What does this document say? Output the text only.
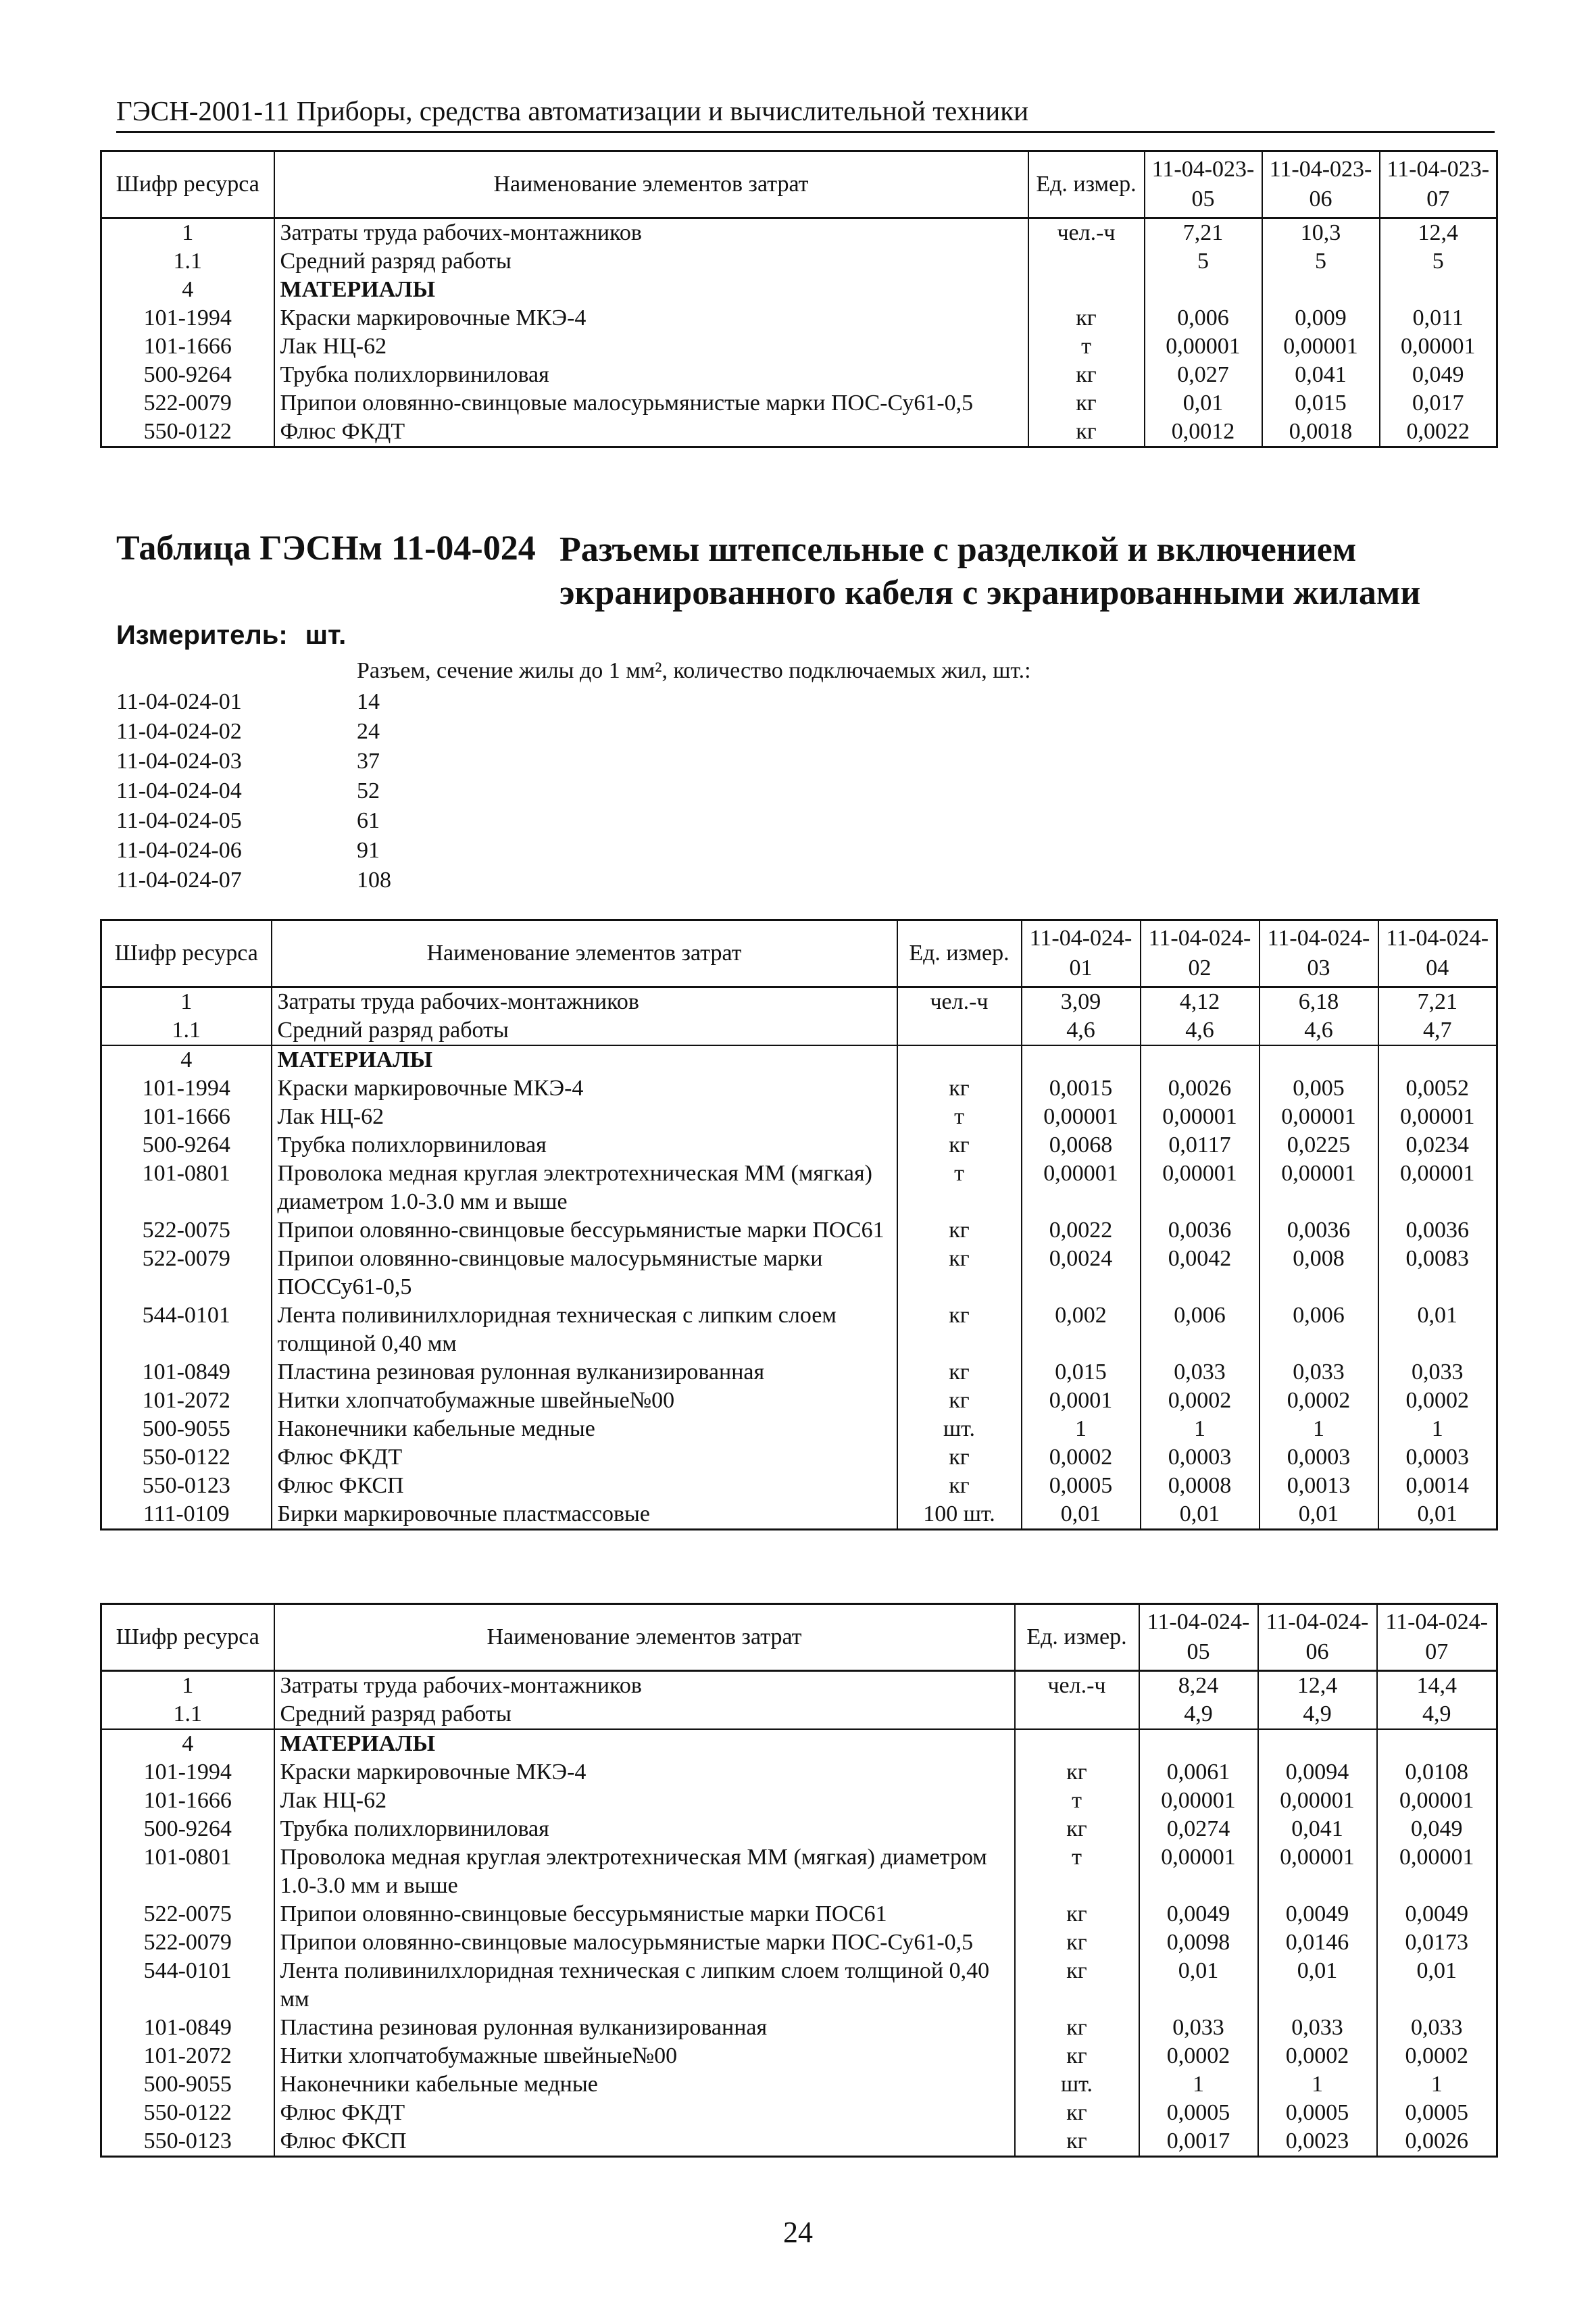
ГЭСН-2001-11 Приборы, средства автоматизации и вычислительной техники
Шифр ресурса	Наименование элементов затрат	Ед. измер.	11-04-023-05	11-04-023-06	11-04-023-07
1	Затраты труда рабочих-монтажников	чел.-ч	7,21	10,3	12,4
1.1	Средний разряд работы		5	5	5
4	МАТЕРИАЛЫ				
101-1994	Краски маркировочные МКЭ-4	кг	0,006	0,009	0,011
101-1666	Лак НЦ-62	т	0,00001	0,00001	0,00001
500-9264	Трубка полихлорвиниловая	кг	0,027	0,041	0,049
522-0079	Припои оловянно-свинцовые малосурьмянистые марки ПОС-Су61-0,5	кг	0,01	0,015	0,017
550-0122	Флюс ФКДТ	кг	0,0012	0,0018	0,0022
Таблица ГЭСНм 11-04-024 Разъемы штепсельные с разделкой и включением экранированного кабеля с экранированными жилами
Измеритель: шт.
Разъем, сечение жилы до 1 мм², количество подключаемых жил, шт.:
11-04-024-01	14
11-04-024-02	24
11-04-024-03	37
11-04-024-04	52
11-04-024-05	61
11-04-024-06	91
11-04-024-07	108
Шифр ресурса	Наименование элементов затрат	Ед. измер.	11-04-024-01	11-04-024-02	11-04-024-03	11-04-024-04
1	Затраты труда рабочих-монтажников	чел.-ч	3,09	4,12	6,18	7,21
1.1	Средний разряд работы		4,6	4,6	4,6	4,7
4	МАТЕРИАЛЫ					
101-1994	Краски маркировочные МКЭ-4	кг	0,0015	0,0026	0,005	0,0052
101-1666	Лак НЦ-62	т	0,00001	0,00001	0,00001	0,00001
500-9264	Трубка полихлорвиниловая	кг	0,0068	0,0117	0,0225	0,0234
101-0801	Проволока медная круглая электротехническая ММ (мягкая) диаметром 1.0-3.0 мм и выше	т	0,00001	0,00001	0,00001	0,00001
522-0075	Припои оловянно-свинцовые бессурьмянистые марки ПОС61	кг	0,0022	0,0036	0,0036	0,0036
522-0079	Припои оловянно-свинцовые малосурьмянистые марки ПОССу61-0,5	кг	0,0024	0,0042	0,008	0,0083
544-0101	Лента поливинилхлоридная техническая с липким слоем толщиной 0,40 мм	кг	0,002	0,006	0,006	0,01
101-0849	Пластина резиновая рулонная вулканизированная	кг	0,015	0,033	0,033	0,033
101-2072	Нитки хлопчатобумажные швейные№00	кг	0,0001	0,0002	0,0002	0,0002
500-9055	Наконечники кабельные медные	шт.	1	1	1	1
550-0122	Флюс ФКДТ	кг	0,0002	0,0003	0,0003	0,0003
550-0123	Флюс ФКСП	кг	0,0005	0,0008	0,0013	0,0014
111-0109	Бирки маркировочные пластмассовые	100 шт.	0,01	0,01	0,01	0,01
Шифр ресурса	Наименование элементов затрат	Ед. измер.	11-04-024-05	11-04-024-06	11-04-024-07
1	Затраты труда рабочих-монтажников	чел.-ч	8,24	12,4	14,4
1.1	Средний разряд работы		4,9	4,9	4,9
4	МАТЕРИАЛЫ				
101-1994	Краски маркировочные МКЭ-4	кг	0,0061	0,0094	0,0108
101-1666	Лак НЦ-62	т	0,00001	0,00001	0,00001
500-9264	Трубка полихлорвиниловая	кг	0,0274	0,041	0,049
101-0801	Проволока медная круглая электротехническая ММ (мягкая) диаметром 1.0-3.0 мм и выше	т	0,00001	0,00001	0,00001
522-0075	Припои оловянно-свинцовые бессурьмянистые марки ПОС61	кг	0,0049	0,0049	0,0049
522-0079	Припои оловянно-свинцовые малосурьмянистые марки ПОС-Су61-0,5	кг	0,0098	0,0146	0,0173
544-0101	Лента поливинилхлоридная техническая с липким слоем толщиной 0,40 мм	кг	0,01	0,01	0,01
101-0849	Пластина резиновая рулонная вулканизированная	кг	0,033	0,033	0,033
101-2072	Нитки хлопчатобумажные швейные№00	кг	0,0002	0,0002	0,0002
500-9055	Наконечники кабельные медные	шт.	1	1	1
550-0122	Флюс ФКДТ	кг	0,0005	0,0005	0,0005
550-0123	Флюс ФКСП	кг	0,0017	0,0023	0,0026
24
